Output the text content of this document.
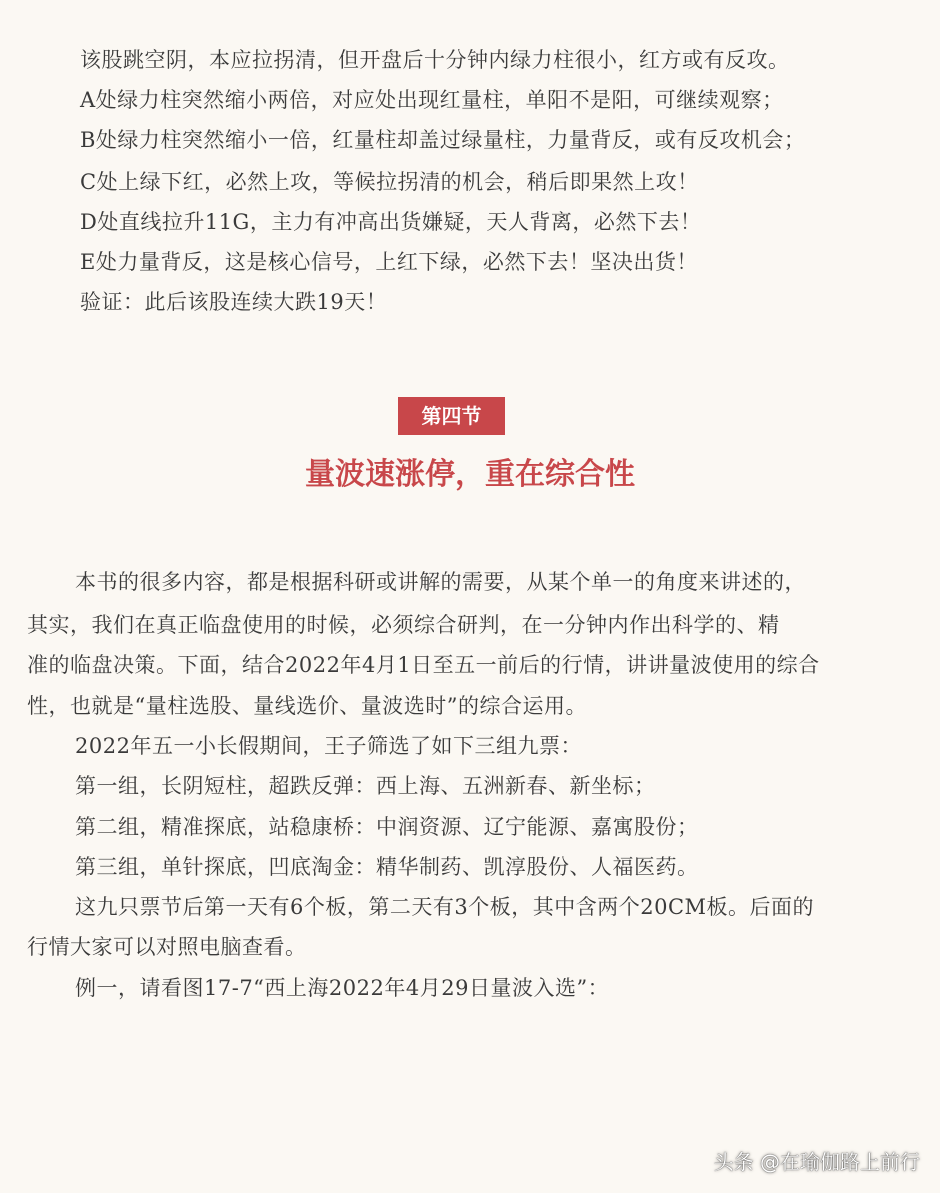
该股跳空阴，本应拉拐清，但开盘后十分钟内绿力柱很小，红方或有反攻。
A处绿力柱突然缩小两倍，对应处出现红量柱，单阳不是阳，可继续观察；
B处绿力柱突然缩小一倍，红量柱却盖过绿量柱，力量背反，或有反攻机会；
C处上绿下红，必然上攻，等候拉拐清的机会，稍后即果然上攻！
D处直线拉升11G，主力有冲高出货嫌疑，天人背离，必然下去！
E处力量背反，这是核心信号，上红下绿，必然下去！坚决出货！
验证：此后该股连续大跌19天！
第四节
量波速涨停，重在综合性
本书的很多内容，都是根据科研或讲解的需要，从某个单一的角度来讲述的，
其实，我们在真正临盘使用的时候，必须综合研判，在一分钟内作出科学的、精
准的临盘决策。下面，结合2022年4月1日至五一前后的行情，讲讲量波使用的综合
性，也就是“量柱选股、量线选价、量波选时”的综合运用。
2022年五一小长假期间，王子筛选了如下三组九票：
第一组，长阴短柱，超跌反弹：西上海、五洲新春、新坐标；
第二组，精准探底，站稳康桥：中润资源、辽宁能源、嘉寓股份；
第三组，单针探底，凹底淘金：精华制药、凯淳股份、人福医药。
这九只票节后第一天有6个板，第二天有3个板，其中含两个20CM板。后面的
行情大家可以对照电脑查看。
例一，请看图17-7“西上海2022年4月29日量波入选”：
头条 @在瑜伽路上前行
